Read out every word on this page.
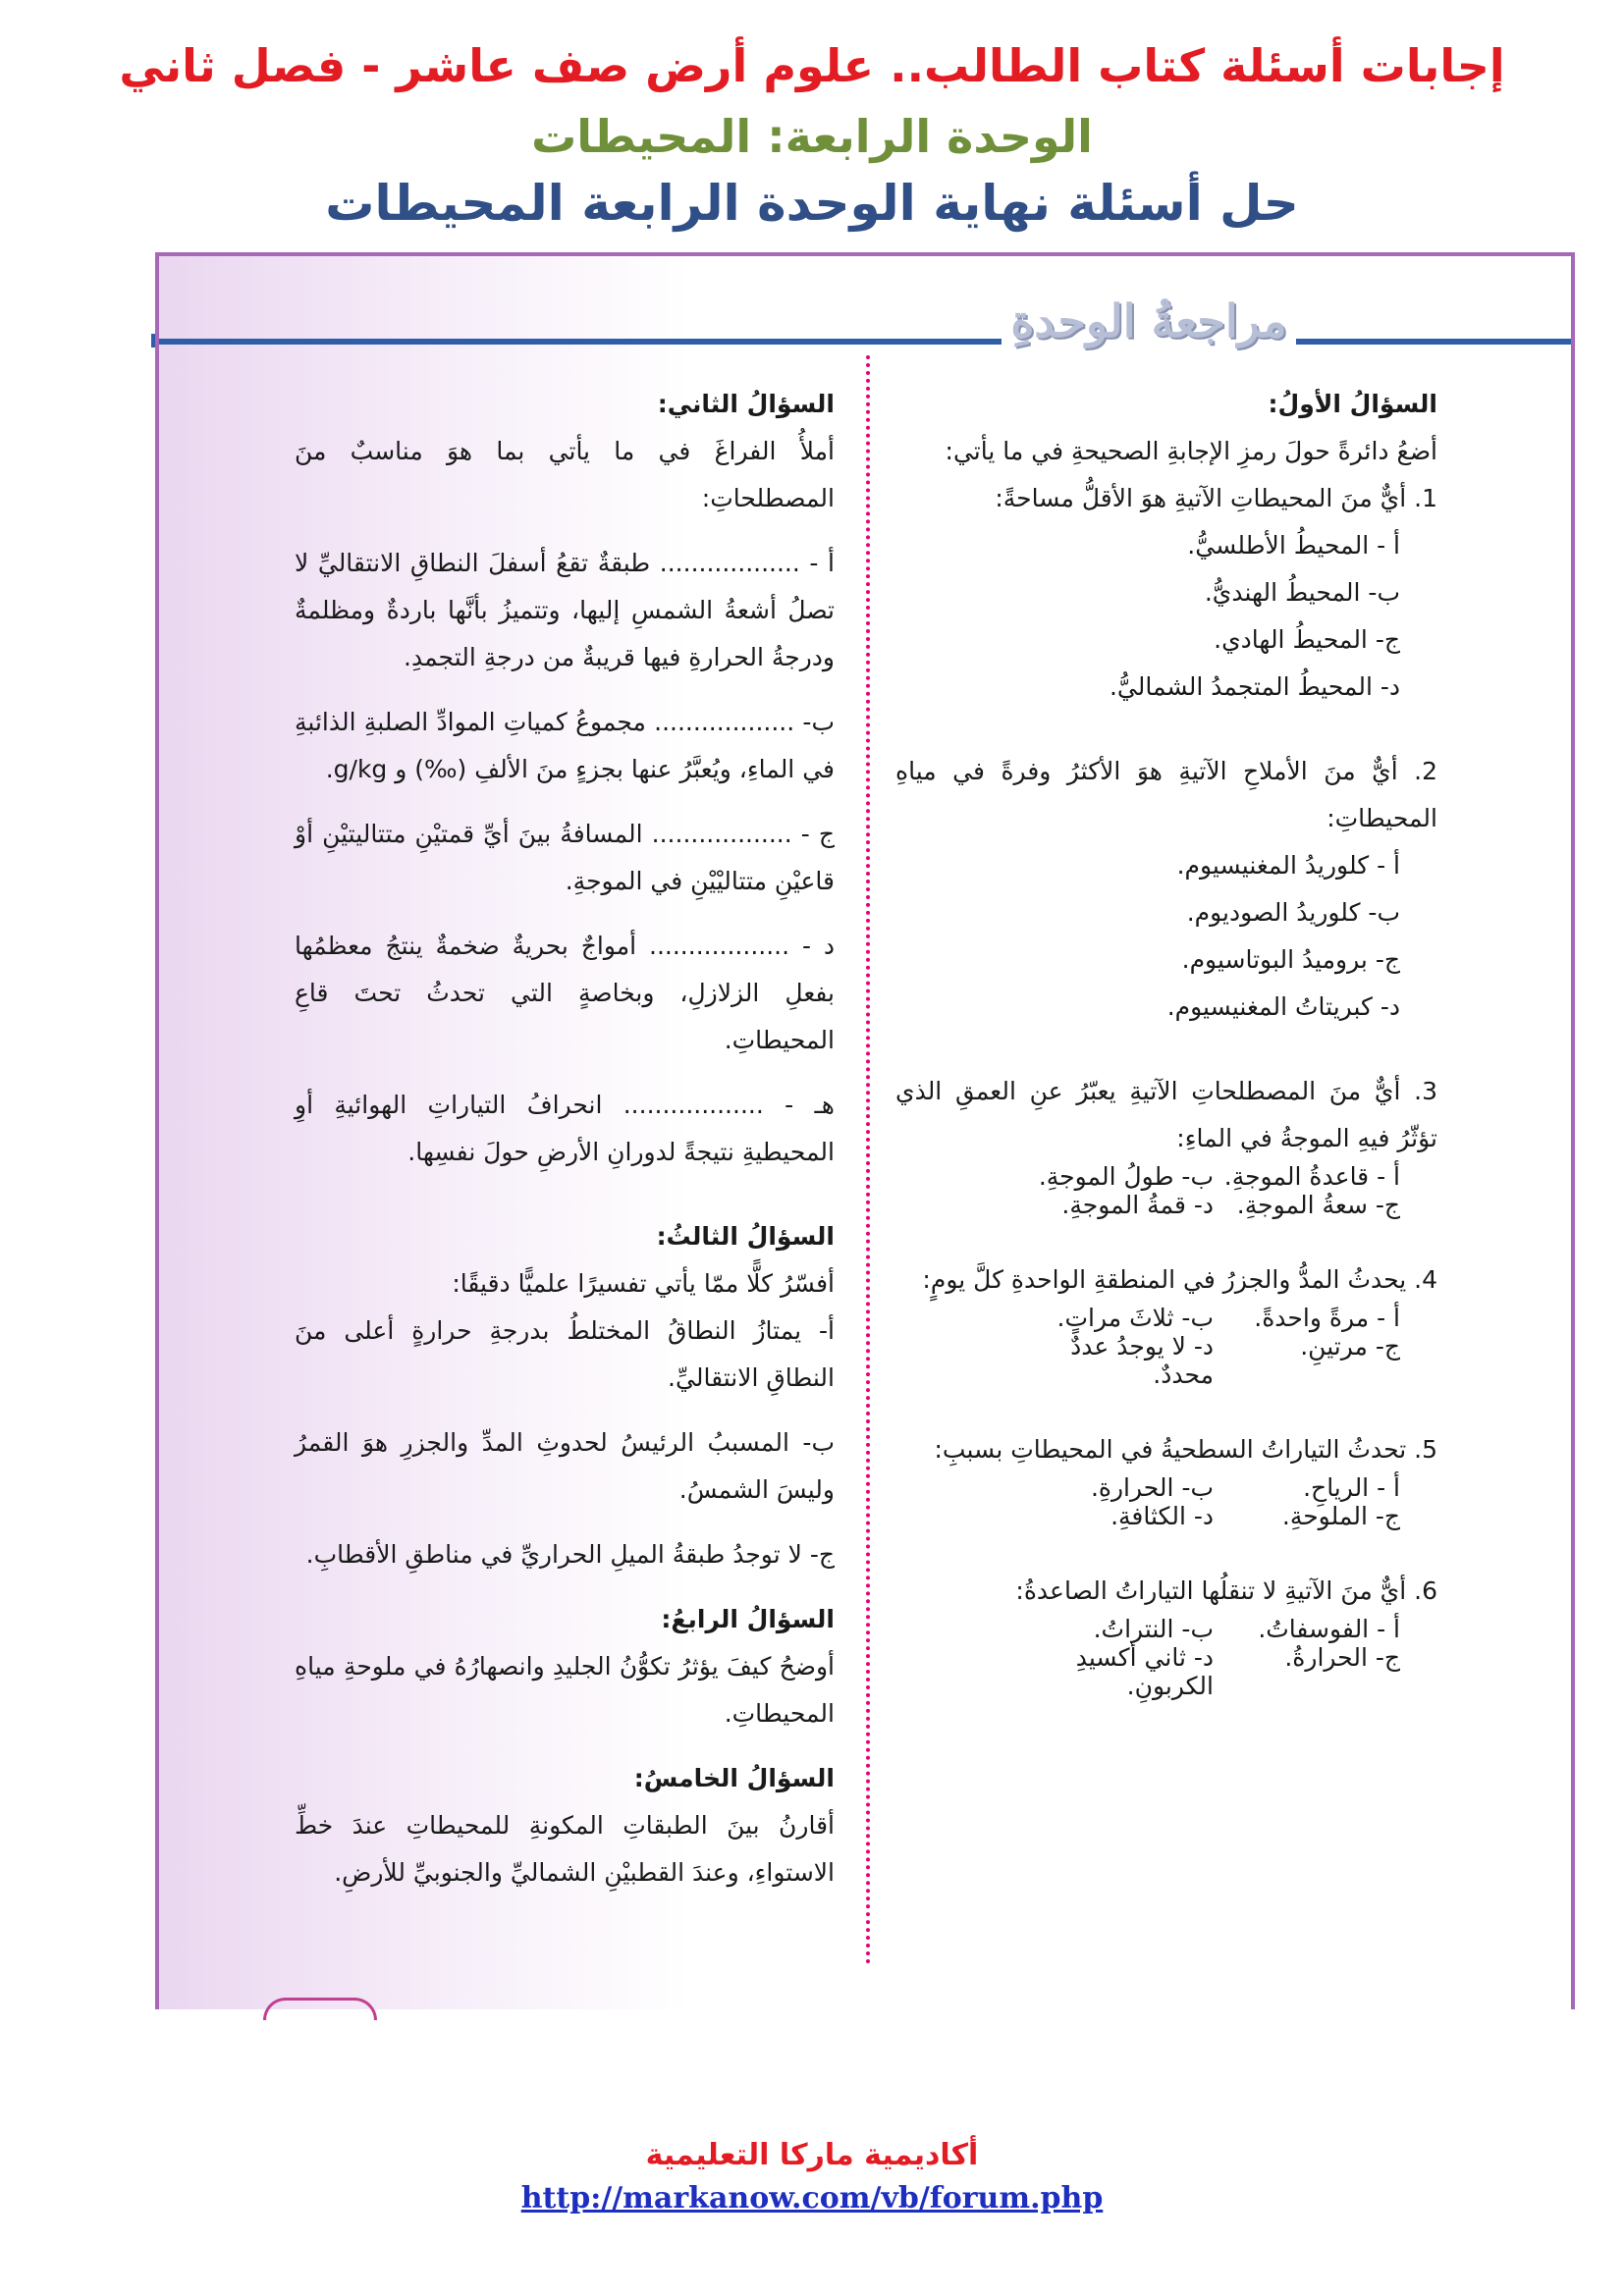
إجابات أسئلة كتاب الطالب.. علوم أرض صف عاشر - فصل ثاني
الوحدة الرابعة: المحيطات
حل أسئلة نهاية الوحدة الرابعة المحيطات
مراجعةُ الوحدةِ

السؤالُ الأولُ:

أضعُ دائرةً حولَ رمزِ الإجابةِ الصحيحةِ في ما يأتي:

1. أيٌّ منَ المحيطاتِ الآتيةِ هوَ الأقلُّ مساحةً:

أ - المحيطُ الأطلسيُّ.

ب- المحيطُ الهنديُّ.

ج- المحيطُ الهادي.

د- المحيطُ المتجمدُ الشماليُّ.

2. أيٌّ منَ الأملاحِ الآتيةِ هوَ الأكثرُ وفرةً في مياهِ المحيطاتِ:

أ - كلوريدُ المغنيسيوم.

ب- كلوريدُ الصوديوم.

ج- بروميدُ البوتاسيوم.

د- كبريتاتُ المغنيسيوم.

3. أيٌّ منَ المصطلحاتِ الآتيةِ يعبّرُ عنِ العمقِ الذي تؤثّرُ فيهِ الموجةُ في الماءِ:

أ - قاعدةُ الموجةِ.
ب- طولُ الموجةِ.
ج- سعةُ الموجةِ.
د- قمةُ الموجةِ.

4. يحدثُ المدُّ والجزرُ في المنطقةِ الواحدةِ كلَّ يومٍ:

أ - مرةً واحدةً.
ب- ثلاثَ مراتٍ.
ج- مرتينِ.
د- لا يوجدُ عددٌ محددٌ.

5. تحدثُ التياراتُ السطحيةُ في المحيطاتِ بسببِ:

أ - الرياحِ.
ب- الحرارةِ.
ج- الملوحةِ.
د- الكثافةِ.

6. أيٌّ منَ الآتيةِ لا تنقلُها التياراتُ الصاعدةُ:

أ - الفوسفاتُ.
ب- النتراتُ.
ج- الحرارةُ.
د- ثاني أكسيدِ الكربونِ.

السؤالُ الثاني:

أملأُ الفراغَ في ما يأتي بما هوَ مناسبٌ منَ المصطلحاتِ:

أ - .................. طبقةٌ تقعُ أسفلَ النطاقِ الانتقاليِّ لا تصلُ أشعةُ الشمسِ إليها، وتتميزُ بأنَّها باردةٌ ومظلمةٌ ودرجةُ الحرارةِ فيها قريبةٌ من درجةِ التجمدِ.

ب- .................. مجموعُ كمياتِ الموادِّ الصلبةِ الذائبةِ في الماءِ، ويُعبَّرُ عنها بجزءٍ منَ الألفِ (‰) و g/kg.

ج - .................. المسافةُ بينَ أيِّ قمتيْنِ متتاليتيْنِ أوْ قاعيْنِ متتاليْيْنِ في الموجةِ.

د - .................. أمواجٌ بحريةٌ ضخمةٌ ينتجُ معظمُها بفعلِ الزلازلِ، وبخاصةٍ التي تحدثُ تحتَ قاعِ المحيطاتِ.

هـ - .................. انحرافُ التياراتِ الهوائيةِ أوِ المحيطيةِ نتيجةً لدورانِ الأرضِ حولَ نفسِها.

السؤالُ الثالثُ:

أفسّرُ كلًّا ممّا يأتي تفسيرًا علميًّا دقيقًا:

أ- يمتازُ النطاقُ المختلطُ بدرجةِ حرارةٍ أعلى منَ النطاقِ الانتقاليِّ.

ب- المسببُ الرئيسُ لحدوثِ المدِّ والجزرِ هوَ القمرُ وليسَ الشمسُ.

ج- لا توجدُ طبقةُ الميلِ الحراريِّ في مناطقِ الأقطابِ.

السؤالُ الرابعُ:

أوضحُ كيفَ يؤثرُ تكوُّنُ الجليدِ وانصهارُهُ في ملوحةِ مياهِ المحيطاتِ.

السؤالُ الخامسُ:

أقارنُ بينَ الطبقاتِ المكونةِ للمحيطاتِ عندَ خطِّ الاستواءِ، وعندَ القطبيْنِ الشماليِّ والجنوبيِّ للأرضِ.

أكاديمية ماركا التعليمية
http://markanow.com/vb/forum.php
